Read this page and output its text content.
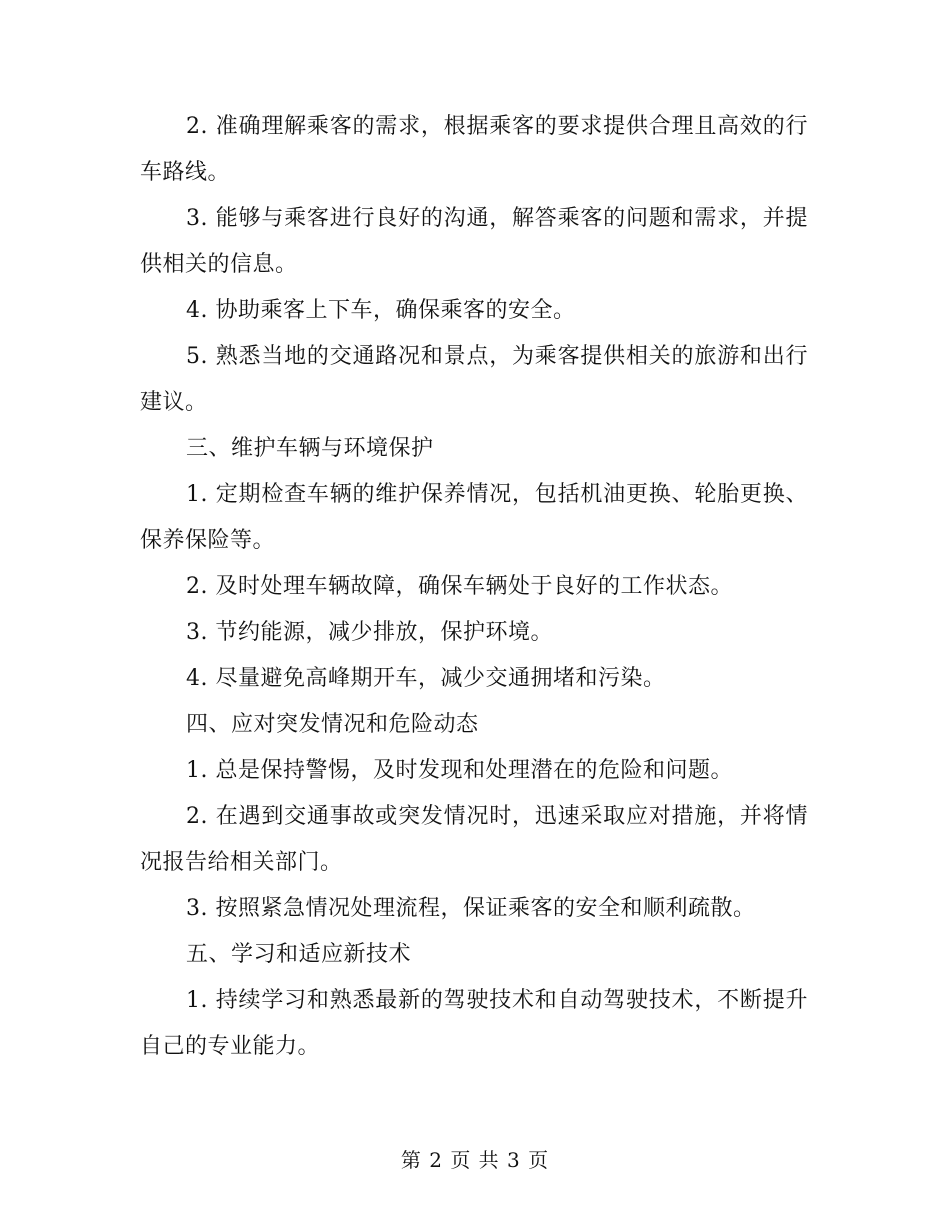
2. 准确理解乘客的需求，根据乘客的要求提供合理且高效的行车路线。

3. 能够与乘客进行良好的沟通，解答乘客的问题和需求，并提供相关的信息。

4. 协助乘客上下车，确保乘客的安全。

5. 熟悉当地的交通路况和景点，为乘客提供相关的旅游和出行建议。

三、维护车辆与环境保护

1. 定期检查车辆的维护保养情况，包括机油更换、轮胎更换、保养保险等。

2. 及时处理车辆故障，确保车辆处于良好的工作状态。

3. 节约能源，减少排放，保护环境。

4. 尽量避免高峰期开车，减少交通拥堵和污染。

四、应对突发情况和危险动态

1. 总是保持警惕，及时发现和处理潜在的危险和问题。

2. 在遇到交通事故或突发情况时，迅速采取应对措施，并将情况报告给相关部门。

3. 按照紧急情况处理流程，保证乘客的安全和顺利疏散。

五、学习和适应新技术

1. 持续学习和熟悉最新的驾驶技术和自动驾驶技术，不断提升自己的专业能力。

第 2 页 共 3 页
